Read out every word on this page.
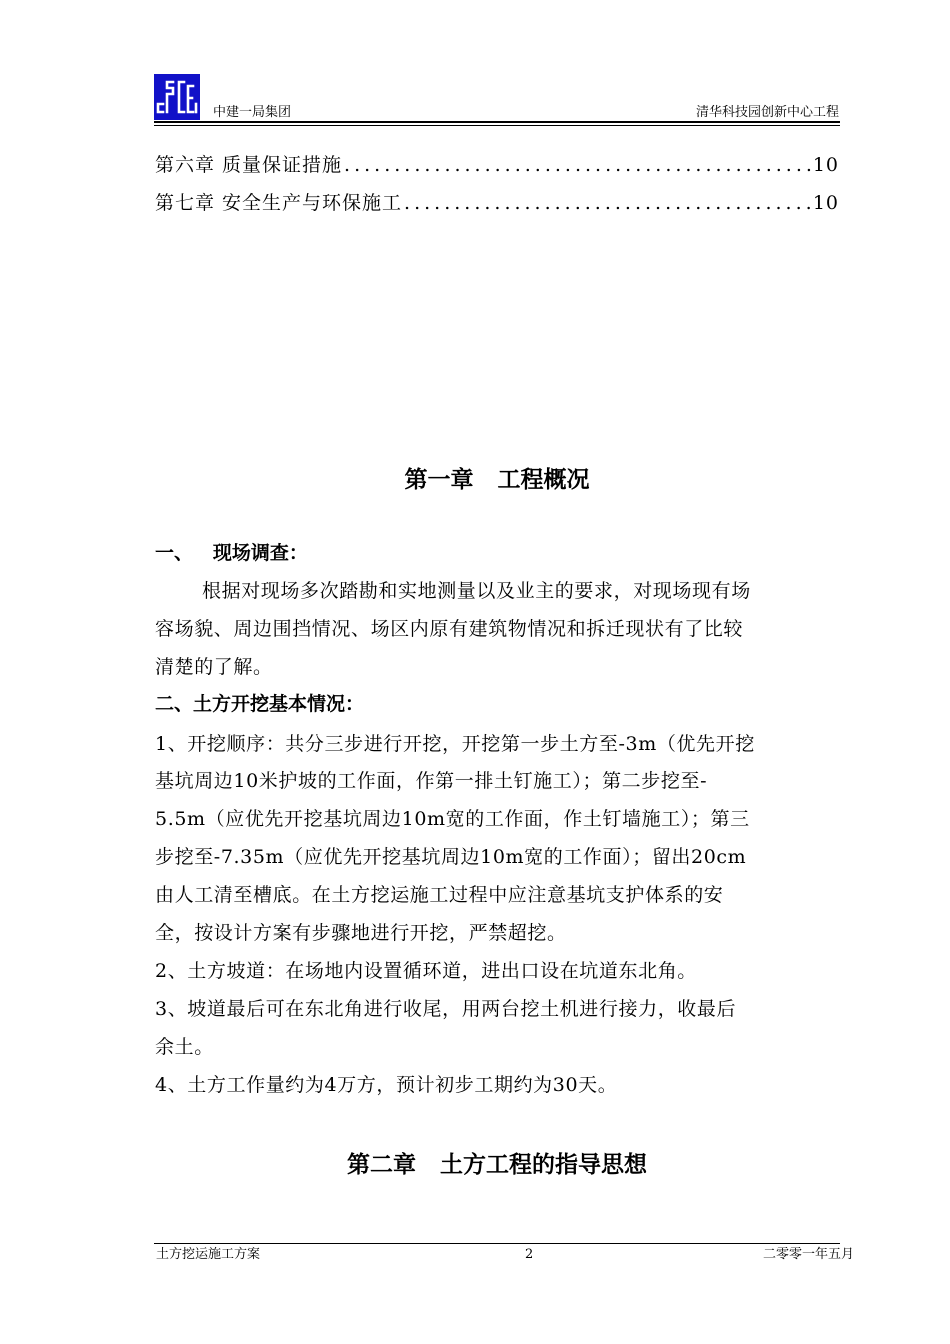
中建一局集团	清华科技园创新中心工程
第六章 质量保证措施 .....	10
第七章 安全生产与环保施工 .....	10
第一章   工程概况
一、   现场调查：
根据对现场多次踏勘和实地测量以及业主的要求，对现场现有场
容场貌、周边围挡情况、场区内原有建筑物情况和拆迁现状有了比较
清楚的了解。
二、土方开挖基本情况：
1、开挖顺序：共分三步进行开挖，开挖第一步土方至-3m（优先开挖
基坑周边10米护坡的工作面，作第一排土钉施工）；第二步挖至-
5.5m（应优先开挖基坑周边10m宽的工作面，作土钉墙施工）；第三
步挖至-7.35m（应优先开挖基坑周边10m宽的工作面）；留出20cm
由人工清至槽底。在土方挖运施工过程中应注意基坑支护体系的安
全，按设计方案有步骤地进行开挖，严禁超挖。
2、土方坡道：在场地内设置循环道，进出口设在坑道东北角。
3、坡道最后可在东北角进行收尾，用两台挖土机进行接力，收最后
余土。
4、土方工作量约为4万方，预计初步工期约为30天。
第二章   土方工程的指导思想
土方挖运施工方案	2	二零零一年五月
